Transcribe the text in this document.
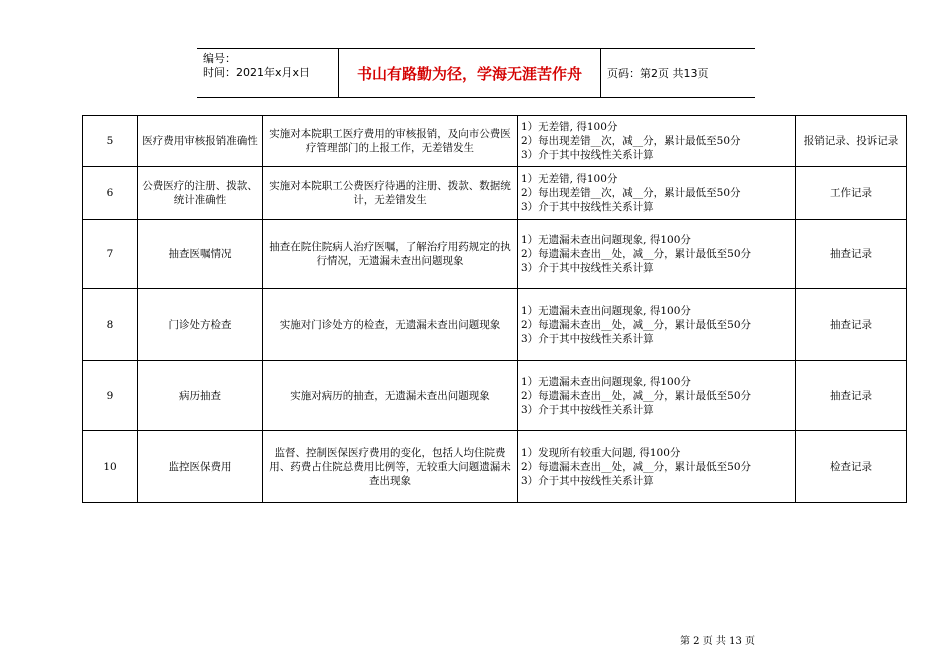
编号：
时间：2021年x月x日	书山有路勤为径，学海无涯苦作舟	页码：第2页 共13页
5	医疗费用审核报销准确性	实施对本院职工医疗费用的审核报销，及向市公费医疗管理部门的上报工作，无差错发生	1）无差错, 得100分
2）每出现差错__次，减__分，累计最低至50分
3）介于其中按线性关系计算	报销记录、投诉记录
6	公费医疗的注册、拨款、统计准确性	实施对本院职工公费医疗待遇的注册、拨款、数据统计，无差错发生	1）无差错, 得100分
2）每出现差错__次，减__分，累计最低至50分
3）介于其中按线性关系计算	工作记录
7	抽查医嘱情况	抽查在院住院病人治疗医嘱，了解治疗用药规定的执行情况，无遗漏未查出问题现象	1）无遗漏未查出问题现象, 得100分
2）每遗漏未查出__处，减__分，累计最低至50分
3）介于其中按线性关系计算	抽查记录
8	门诊处方检查	实施对门诊处方的检查，无遗漏未查出问题现象	1）无遗漏未查出问题现象, 得100分
2）每遗漏未查出__处，减__分，累计最低至50分
3）介于其中按线性关系计算	抽查记录
9	病历抽查	实施对病历的抽查，无遗漏未查出问题现象	1）无遗漏未查出问题现象, 得100分
2）每遗漏未查出__处，减__分，累计最低至50分
3）介于其中按线性关系计算	抽查记录
10	监控医保费用	监督、控制医保医疗费用的变化，包括人均住院费用、药费占住院总费用比例等，无较重大问题遗漏未查出现象	1）发现所有较重大问题, 得100分
2）每遗漏未查出__处，减__分，累计最低至50分
3）介于其中按线性关系计算	检查记录
第 2 页 共 13 页
